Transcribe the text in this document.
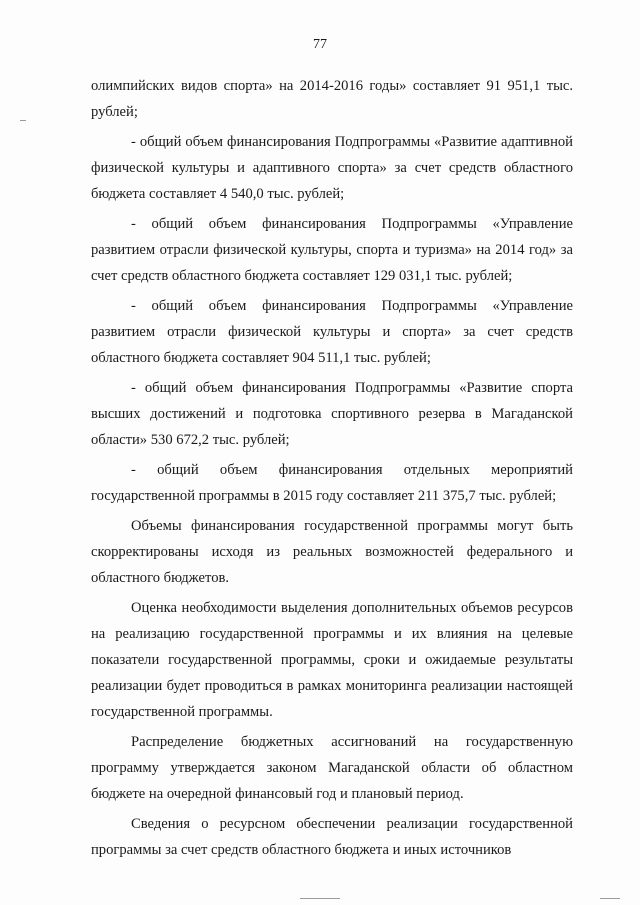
77

олимпийских видов спорта» на 2014-2016 годы» составляет 91 951,1 тыс. рублей;

- общий объем финансирования Подпрограммы «Развитие адаптивной физической культуры и адаптивного спорта» за счет средств областного бюджета составляет 4 540,0 тыс. рублей;

- общий объем финансирования Подпрограммы «Управление развитием отрасли физической культуры, спорта и туризма» на 2014 год» за счет средств областного бюджета составляет 129 031,1 тыс. рублей;

- общий объем финансирования Подпрограммы «Управление развитием отрасли физической культуры и спорта» за счет средств областного бюджета составляет 904 511,1 тыс. рублей;

- общий объем финансирования Подпрограммы «Развитие спорта высших достижений и подготовка спортивного резерва в Магаданской области» 530 672,2 тыс. рублей;

- общий объем финансирования отдельных мероприятий государственной программы в 2015 году составляет 211 375,7 тыс. рублей;

Объемы финансирования государственной программы могут быть скорректированы исходя из реальных возможностей федерального и областного бюджетов.

Оценка необходимости выделения дополнительных объемов ресурсов на реализацию государственной программы и их влияния на целевые показатели государственной программы, сроки и ожидаемые результаты реализации будет проводиться в рамках мониторинга реализации настоящей государственной программы.

Распределение бюджетных ассигнований на государственную программу утверждается законом Магаданской области об областном бюджете на очередной финансовый год и плановый период.

Сведения о ресурсном обеспечении реализации государственной программы за счет средств областного бюджета и иных источников
